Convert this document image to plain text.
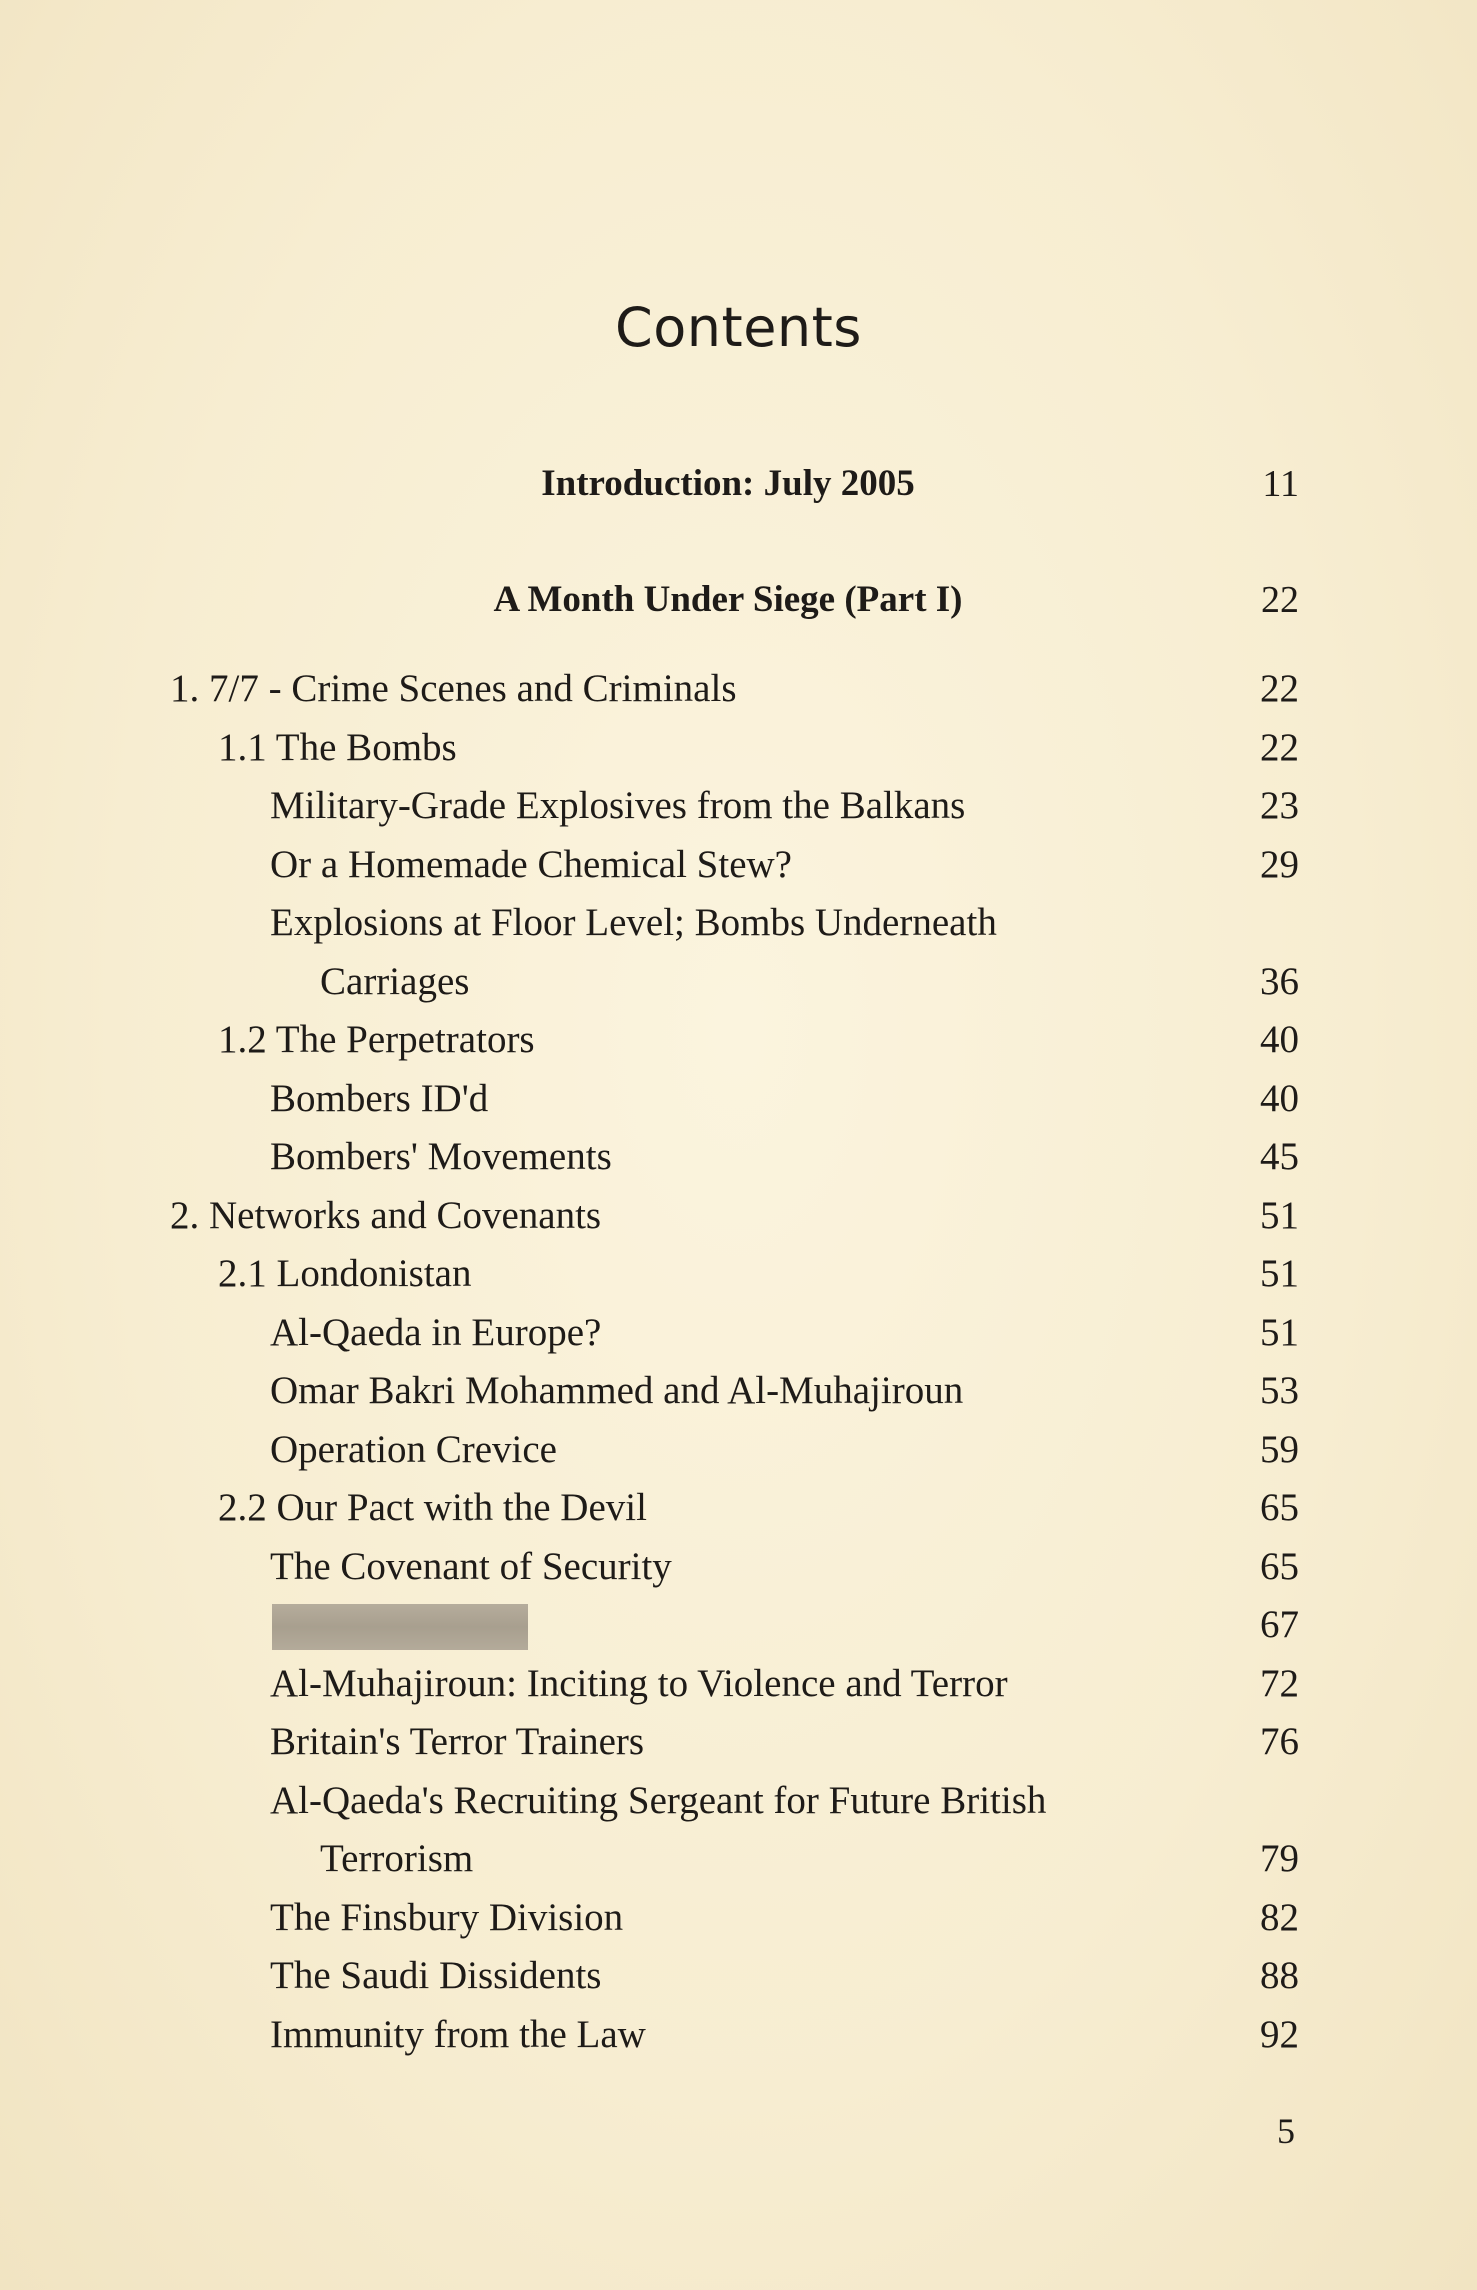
Contents
Introduction: July 2005	11
A Month Under Siege (Part I)	22
1. 7/7 - Crime Scenes and Criminals	22
1.1 The Bombs	22
Military-Grade Explosives from the Balkans	23
Or a Homemade Chemical Stew?	29
Explosions at Floor Level; Bombs Underneath
Carriages	36
1.2 The Perpetrators	40
Bombers ID'd	40
Bombers' Movements	45
2. Networks and Covenants	51
2.1 Londonistan	51
Al-Qaeda in Europe?	51
Omar Bakri Mohammed and Al-Muhajiroun	53
Operation Crevice	59
2.2 Our Pact with the Devil	65
The Covenant of Security	65
67
Al-Muhajiroun: Inciting to Violence and Terror	72
Britain's Terror Trainers	76
Al-Qaeda's Recruiting Sergeant for Future British
Terrorism	79
The Finsbury Division	82
The Saudi Dissidents	88
Immunity from the Law	92
5
